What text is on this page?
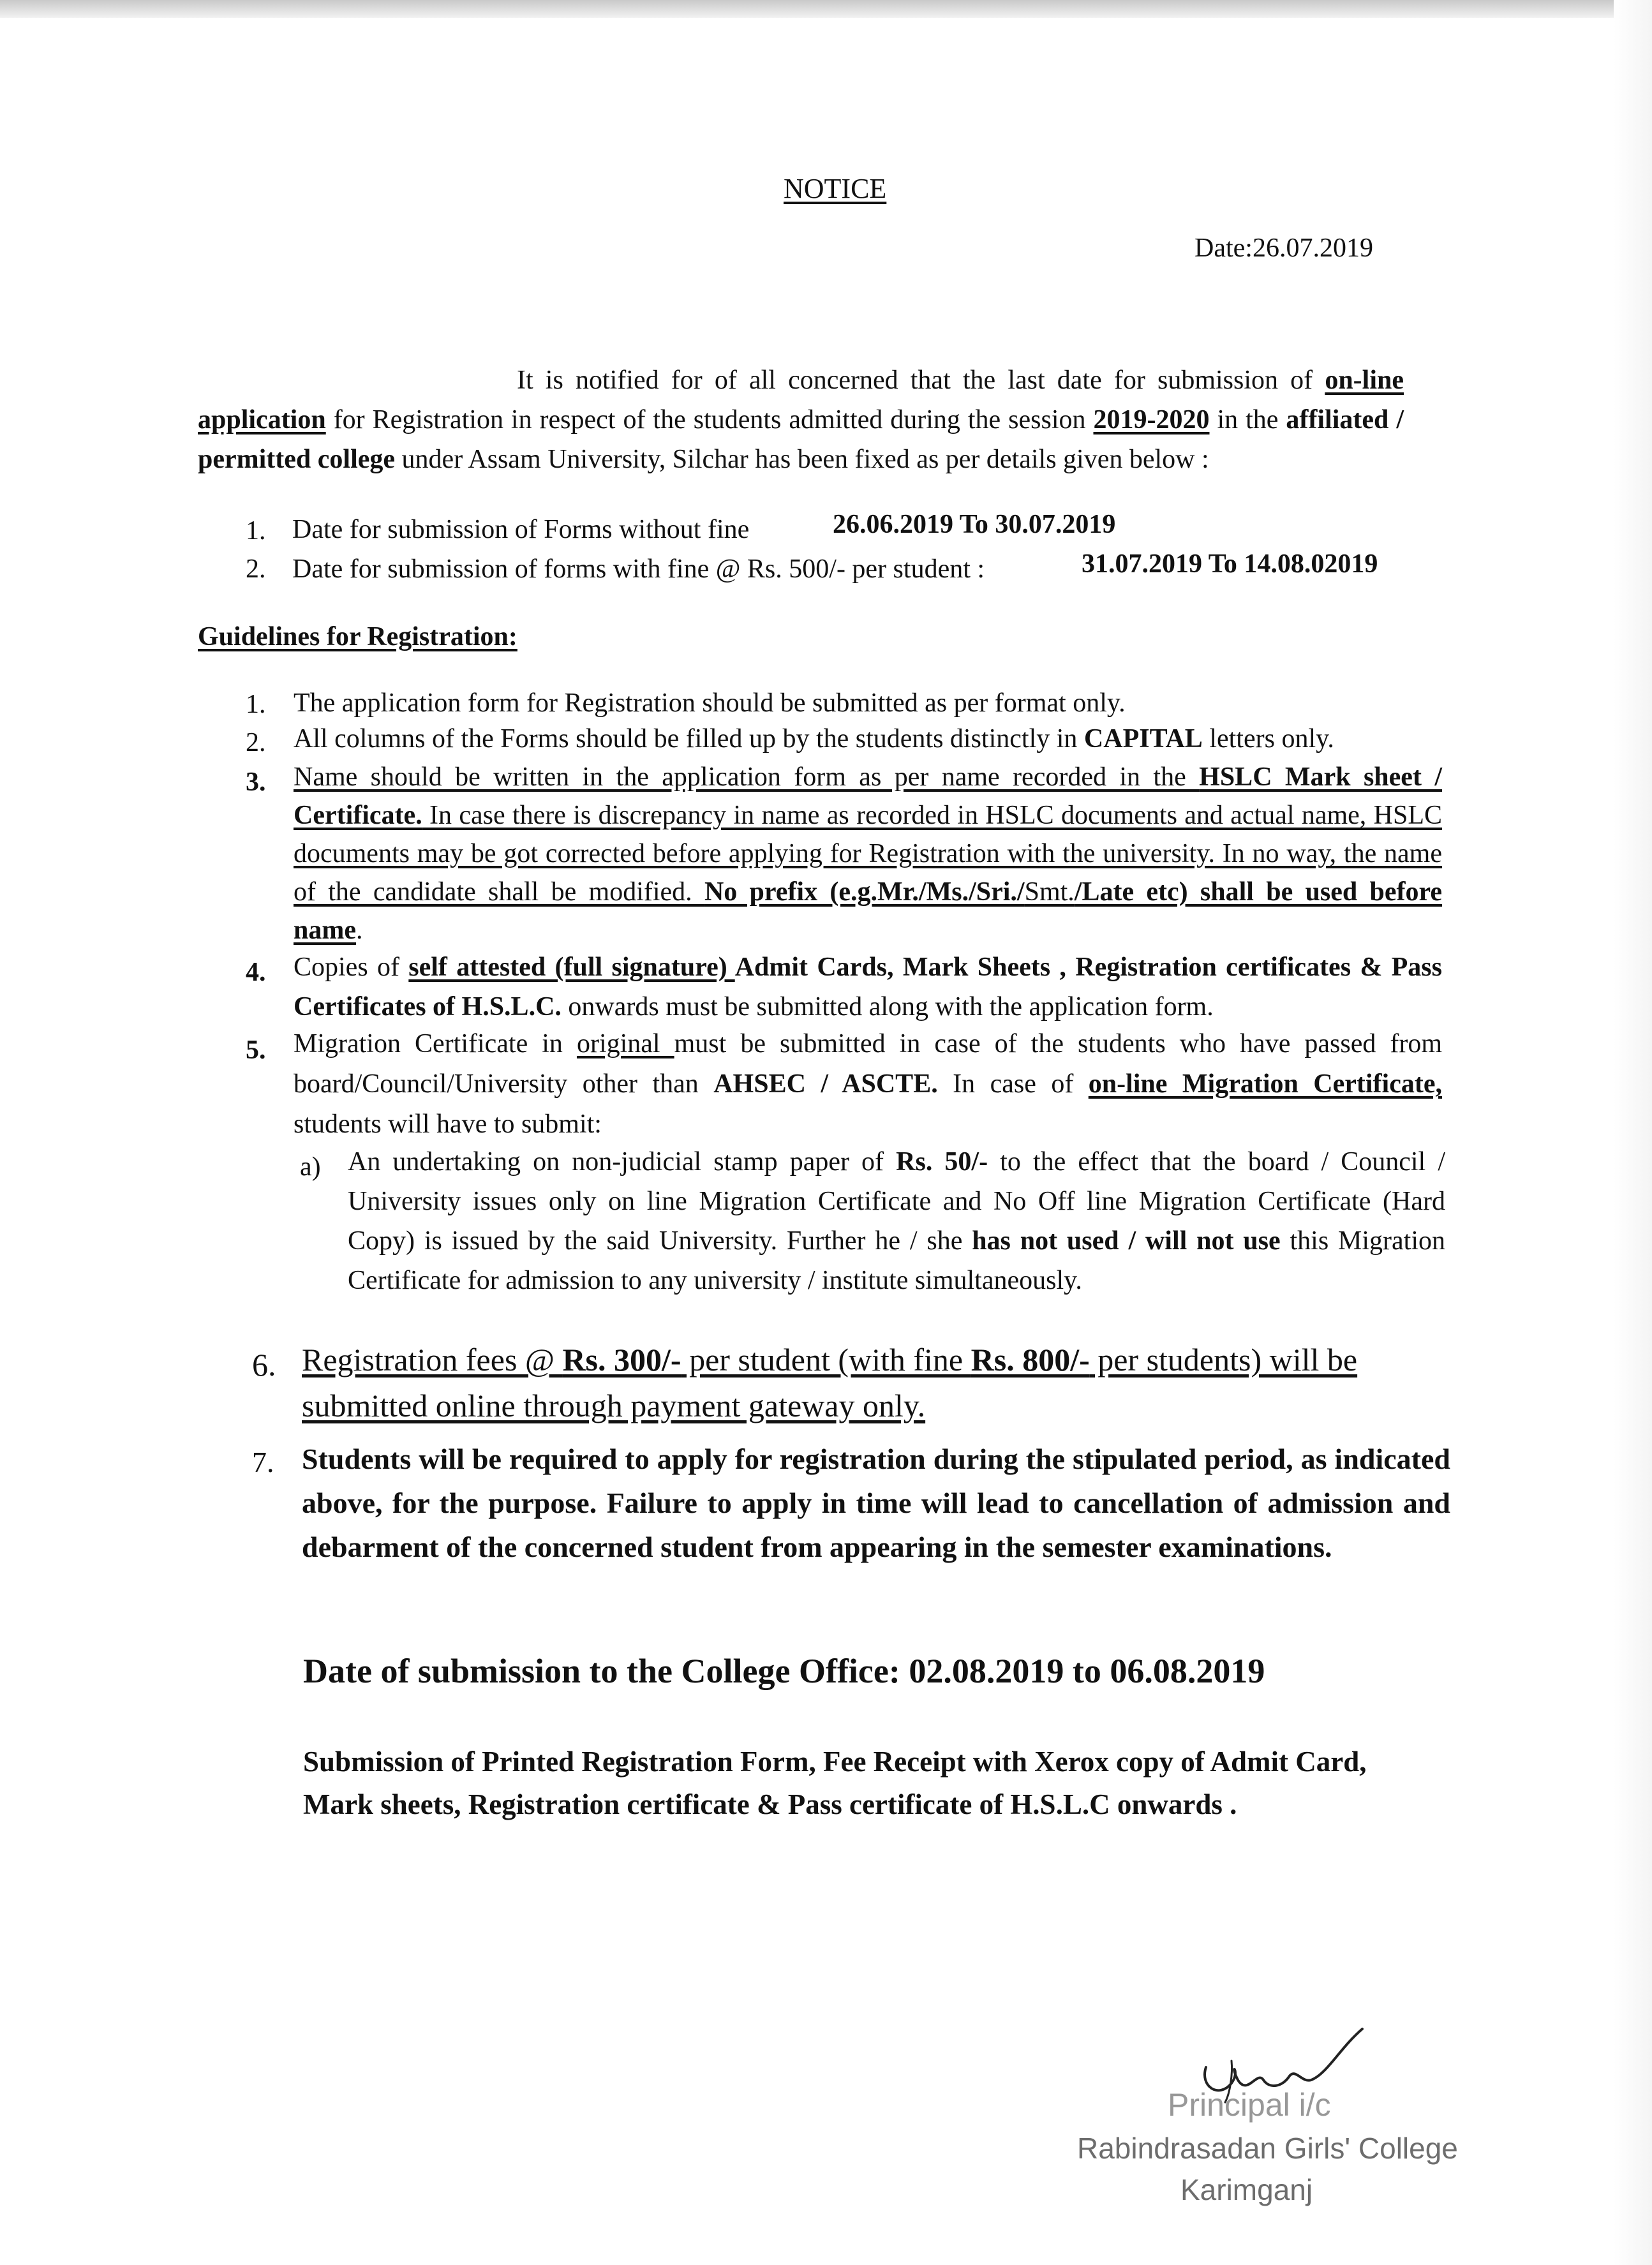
NOTICE
Date:26.07.2019

It is notified for of all concerned that the last date for submission of on-line application for Registration in respect of the students admitted during the session 2019-2020 in the affiliated / permitted college under Assam University, Silchar has been fixed as per details given below :

1. Date for submission of Forms without fine	26.06.2019 To 30.07.2019
2. Date for submission of forms with fine @ Rs. 500/- per student :	31.07.2019 To 14.08.02019
Guidelines for Registration:
1. The application form for Registration should be submitted as per format only.
2. All columns of the Forms should be filled up by the students distinctly in CAPITAL letters only.
3. Name should be written in the application form as per name recorded in the HSLC Mark sheet / Certificate. In case there is discrepancy in name as recorded in HSLC documents and actual name, HSLC documents may be got corrected before applying for Registration with the university. In no way, the name of the candidate shall be modified. No prefix (e.g.Mr./Ms./Sri./Smt./Late etc) shall be used before name.

4. Copies of self attested (full signature) Admit Cards, Mark Sheets , Registration certificates & Pass Certificates of H.S.L.C. onwards must be submitted along with the application form.

5. Migration Certificate in original must be submitted in case of the students who have passed from board/Council/University other than AHSEC / ASCTE. In case of on-line Migration Certificate, students will have to submit:

a) An undertaking on non-judicial stamp paper of Rs. 50/- to the effect that the board / Council / University issues only on line Migration Certificate and No Off line Migration Certificate (Hard Copy) is issued by the said University. Further he / she has not used / will not use this Migration Certificate for admission to any university / institute simultaneously.

6. Registration fees @ Rs. 300/- per student (with fine Rs. 800/- per students) will be submitted online through payment gateway only.

7. Students will be required to apply for registration during the stipulated period, as indicated above, for the purpose. Failure to apply in time will lead to cancellation of admission and debarment of the concerned student from appearing in the semester examinations.

Date of submission to the College Office: 02.08.2019 to 06.08.2019

Submission of Printed Registration Form, Fee Receipt with Xerox copy of Admit Card, Mark sheets, Registration certificate & Pass certificate of H.S.L.C onwards .

Principal i/c
Rabindrasadan Girls' College
Karimganj
